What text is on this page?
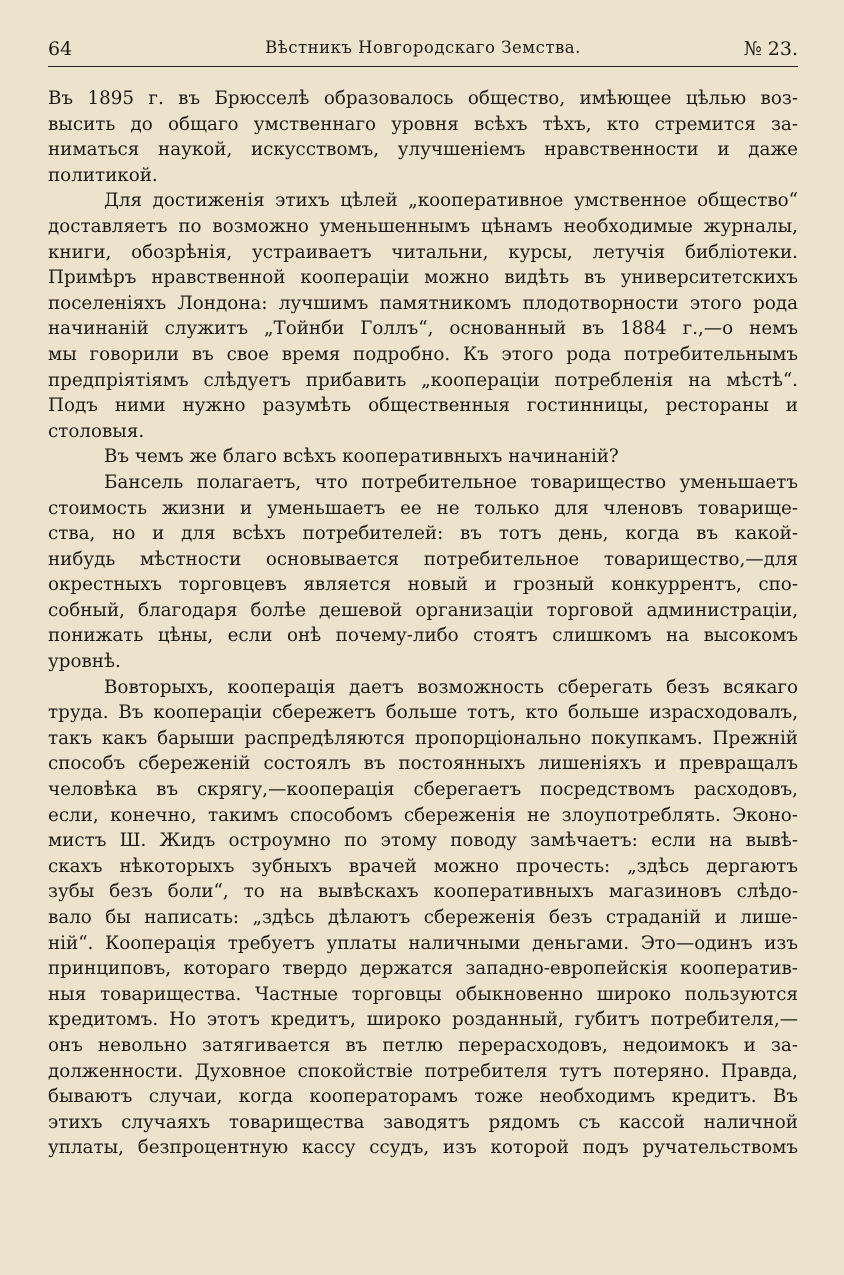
64	Вѣстникъ Новгородскаго Земства.	№ 23.
Въ 1895 г. въ Брюсселѣ образовалось общество, имѣющее цѣлью воз-
высить до общаго умственнаго уровня всѣхъ тѣхъ, кто стремится за-
ниматься наукой, искусствомъ, улучшеніемъ нравственности и даже
политикой.
Для достиженія этихъ цѣлей „кооперативное умственное общество“
доставляетъ по возможно уменьшеннымъ цѣнамъ необходимые журналы,
книги, обозрѣнія, устраиваетъ читальни, курсы, летучія библіотеки.
Примѣръ нравственной коопераціи можно видѣть въ университетскихъ
поселеніяхъ Лондона: лучшимъ памятникомъ плодотворности этого рода
начинаній служитъ „Тойнби Голлъ“, основанный въ 1884 г.,—о немъ
мы говорили въ свое время подробно. Къ этого рода потребительнымъ
предпріятіямъ слѣдуетъ прибавить „коопераціи потребленія на мѣстѣ“.
Подъ ними нужно разумѣть общественныя гостинницы, рестораны и
столовыя.
Въ чемъ же благо всѣхъ кооперативныхъ начинаній?
Бансель полагаетъ, что потребительное товарищество уменьшаетъ
стоимость жизни и уменьшаетъ ее не только для членовъ товарище-
ства, но и для всѣхъ потребителей: въ тотъ день, когда въ какой-
нибудь мѣстности основывается потребительное товарищество,—для
окрестныхъ торговцевъ является новый и грозный конкуррентъ, спо-
собный, благодаря болѣе дешевой организаціи торговой администраціи,
понижать цѣны, если онѣ почему-либо стоятъ слишкомъ на высокомъ
уровнѣ.
Вовторыхъ, кооперація даетъ возможность сберегать безъ всякаго
труда. Въ коопераціи сбережетъ больше тотъ, кто больше израсходовалъ,
такъ какъ барыши распредѣляются пропорціонально покупкамъ. Прежній
способъ сбереженій состоялъ въ постоянныхъ лишеніяхъ и превращалъ
человѣка въ скрягу,—кооперація сберегаетъ посредствомъ расходовъ,
если, конечно, такимъ способомъ сбереженія не злоупотреблять. Эконо-
мистъ Ш. Жидъ остроумно по этому поводу замѣчаетъ: если на вывѣ-
скахъ нѣкоторыхъ зубныхъ врачей можно прочесть: „здѣсь дергаютъ
зубы безъ боли“, то на вывѣскахъ кооперативныхъ магазиновъ слѣдо-
вало бы написать: „здѣсь дѣлаютъ сбереженія безъ страданій и лише-
ній“. Кооперація требуетъ уплаты наличными деньгами. Это—одинъ изъ
принциповъ, котораго твердо держатся западно-европейскія кооператив-
ныя товарищества. Частные торговцы обыкновенно широко пользуются
кредитомъ. Но этотъ кредитъ, широко розданный, губитъ потребителя,—
онъ невольно затягивается въ петлю перерасходовъ, недоимокъ и за-
долженности. Духовное спокойствіе потребителя тутъ потеряно. Правда,
бываютъ случаи, когда кооператорамъ тоже необходимъ кредитъ. Въ
этихъ случаяхъ товарищества заводятъ рядомъ съ кассой наличной
уплаты, безпроцентную кассу ссудъ, изъ которой подъ ручательствомъ
